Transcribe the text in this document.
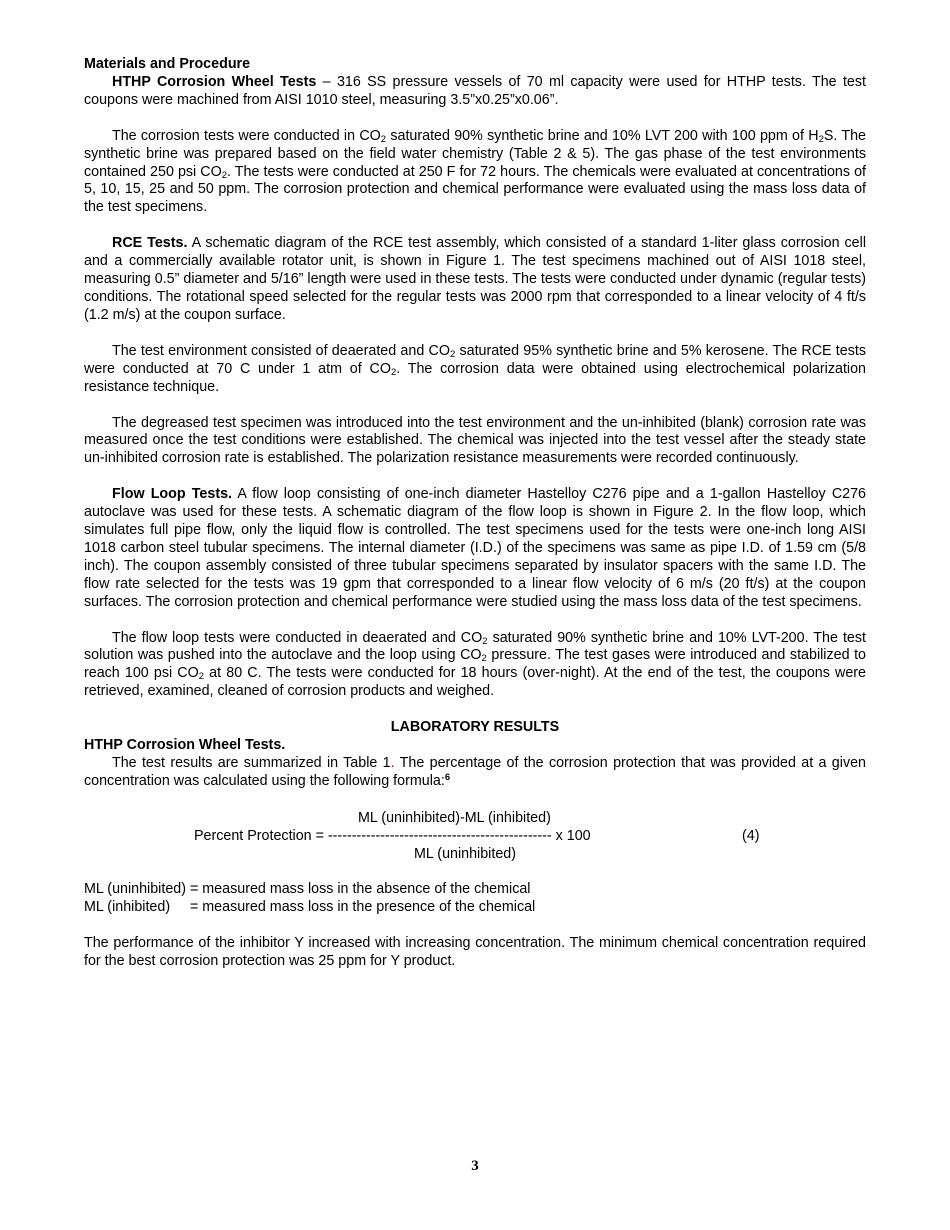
Materials and Procedure

HTHP Corrosion Wheel Tests – 316 SS pressure vessels of 70 ml capacity were used for HTHP tests. The test coupons were machined from AISI 1010 steel, measuring 3.5”x0.25”x0.06”.

The corrosion tests were conducted in $CO_2$ saturated 90% synthetic brine and 10% LVT 200 with 100 ppm of $H_2S$. The synthetic brine was prepared based on the field water chemistry (Table 2 & 5). The gas phase of the test environments contained 250 psi $CO_2$. The tests were conducted at 250 F for 72 hours. The chemicals were evaluated at concentrations of 5, 10, 15, 25 and 50 ppm. The corrosion protection and chemical performance were evaluated using the mass loss data of the test specimens.

RCE Tests. A schematic diagram of the RCE test assembly, which consisted of a standard 1-liter glass corrosion cell and a commercially available rotator unit, is shown in Figure 1. The test specimens machined out of AISI 1018 steel, measuring 0.5” diameter and 5/16” length were used in these tests. The tests were conducted under dynamic (regular tests) conditions. The rotational speed selected for the regular tests was 2000 rpm that corresponded to a linear velocity of 4 ft/s (1.2 m/s) at the coupon surface.

The test environment consisted of deaerated and $CO_2$ saturated 95% synthetic brine and 5% kerosene. The RCE tests were conducted at 70 C under 1 atm of $CO_2$. The corrosion data were obtained using electrochemical polarization resistance technique.

The degreased test specimen was introduced into the test environment and the un-inhibited (blank) corrosion rate was measured once the test conditions were established. The chemical was injected into the test vessel after the steady state un-inhibited corrosion rate is established. The polarization resistance measurements were recorded continuously.

Flow Loop Tests. A flow loop consisting of one-inch diameter Hastelloy C276 pipe and a 1-gallon Hastelloy C276 autoclave was used for these tests. A schematic diagram of the flow loop is shown in Figure 2. In the flow loop, which simulates full pipe flow, only the liquid flow is controlled. The test specimens used for the tests were one-inch long AISI 1018 carbon steel tubular specimens. The internal diameter (I.D.) of the specimens was same as pipe I.D. of 1.59 cm (5/8 inch). The coupon assembly consisted of three tubular specimens separated by insulator spacers with the same I.D. The flow rate selected for the tests was 19 gpm that corresponded to a linear flow velocity of 6 m/s (20 ft/s) at the coupon surfaces. The corrosion protection and chemical performance were studied using the mass loss data of the test specimens.

The flow loop tests were conducted in deaerated and $CO_2$ saturated 90% synthetic brine and 10% LVT-200. The test solution was pushed into the autoclave and the loop using $CO_2$ pressure. The test gases were introduced and stabilized to reach 100 psi $CO_2$ at 80 C. The tests were conducted for 18 hours (over-night). At the end of the test, the coupons were retrieved, examined, cleaned of corrosion products and weighed.

LABORATORY RESULTS

HTHP Corrosion Wheel Tests.

The test results are summarized in Table 1. The percentage of the corrosion protection that was provided at a given concentration was calculated using the following formula:$^6$

ML (uninhibited)-ML (inhibited)
Percent Protection = ----------------------------------------------- x 100
ML (uninhibited)
(4)
ML (uninhibited) = measured mass loss in the absence of the chemical
ML (inhibited)     = measured mass loss in the presence of the chemical

The performance of the inhibitor Y increased with increasing concentration. The minimum chemical concentration required for the best corrosion protection was 25 ppm for Y product.

3
